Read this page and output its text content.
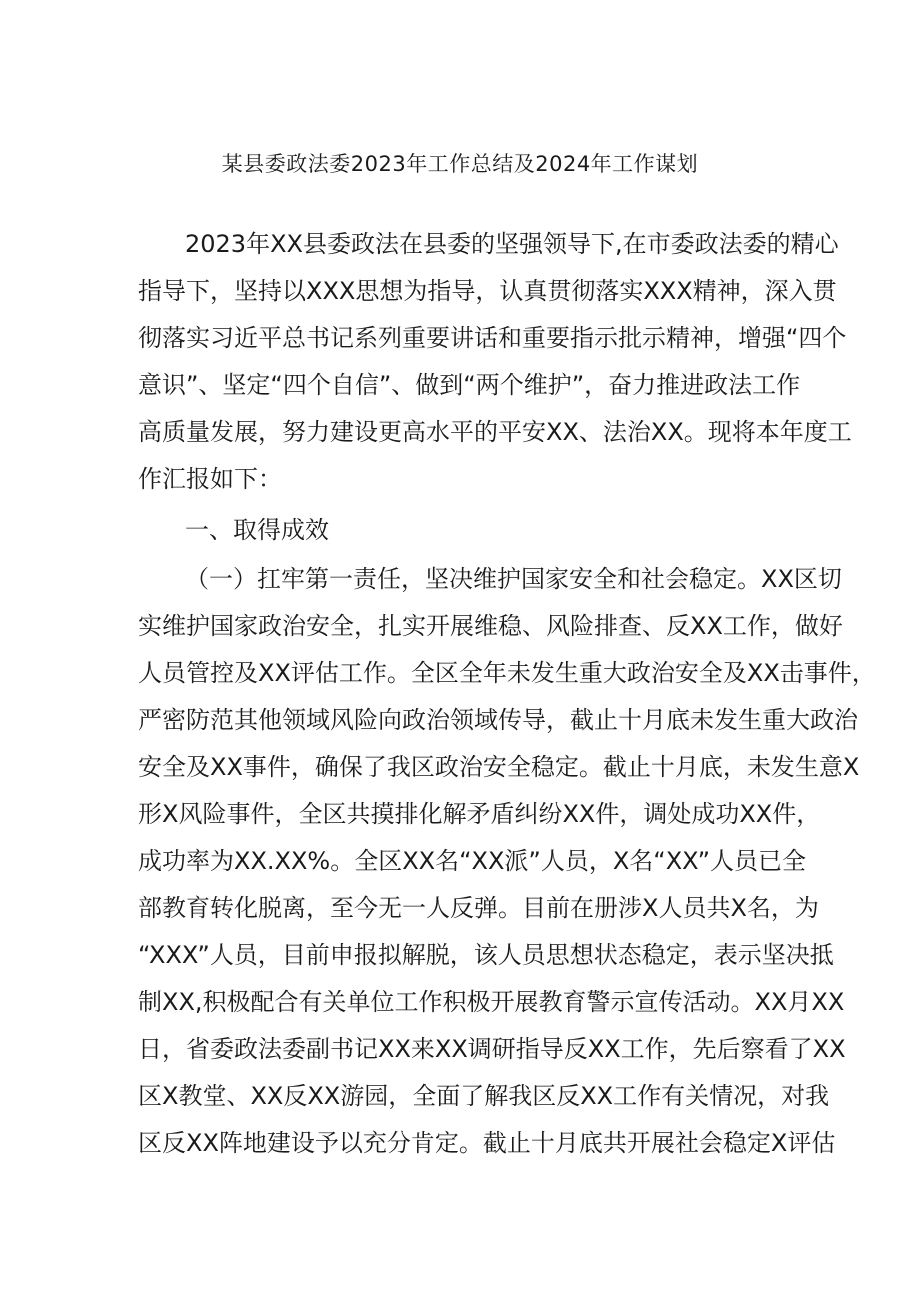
某县委政法委2023年工作总结及2024年工作谋划

2023年XX县委政法在县委的坚强领导下,在市委政法委的精心

指导下，坚持以XXX思想为指导，认真贯彻落实XXX精神，深入贯

彻落实习近平总书记系列重要讲话和重要指示批示精神，增强“四个

意识”、坚定“四个自信”、做到“两个维护”，奋力推进政法工作

高质量发展，努力建设更高水平的平安XX、法治XX。现将本年度工

作汇报如下：

一、取得成效

（一）扛牢第一责任，坚决维护国家安全和社会稳定。XX区切

实维护国家政治安全，扎实开展维稳、风险排查、反XX工作，做好

人员管控及XX评估工作。全区全年未发生重大政治安全及XX击事件，

严密防范其他领域风险向政治领域传导，截止十月底未发生重大政治

安全及XX事件，确保了我区政治安全稳定。截止十月底，未发生意X

形X风险事件，全区共摸排化解矛盾纠纷XX件，调处成功XX件，

成功率为XX.XX%。全区XX名“XX派”人员，X名“XX”人员已全

部教育转化脱离，至今无一人反弹。目前在册涉X人员共X名，为

“XXX”人员，目前申报拟解脱，该人员思想状态稳定，表示坚决抵

制XX,积极配合有关单位工作积极开展教育警示宣传活动。XX月XX

日，省委政法委副书记XX来XX调研指导反XX工作，先后察看了XX

区X教堂、XX反XX游园，全面了解我区反XX工作有关情况，对我

区反XX阵地建设予以充分肯定。截止十月底共开展社会稳定X评估
